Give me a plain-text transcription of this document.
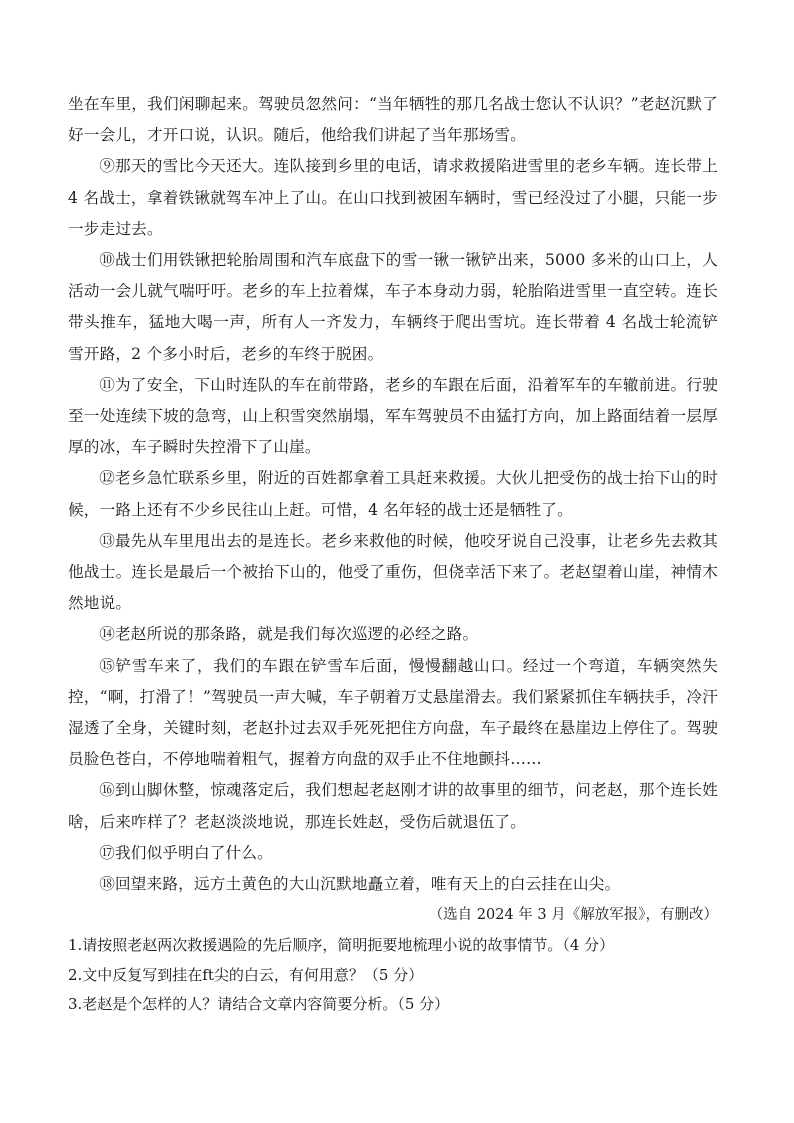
坐在车里，我们闲聊起来。驾驶员忽然问：“当年牺牲的那几名战士您认不认识？”老赵沉默了好一会儿，才开口说，认识。随后，他给我们讲起了当年那场雪。

⑨那天的雪比今天还大。连队接到乡里的电话，请求救援陷进雪里的老乡车辆。连长带上 4 名战士，拿着铁锹就驾车冲上了山。在山口找到被困车辆时，雪已经没过了小腿，只能一步一步走过去。

⑩战士们用铁锹把轮胎周围和汽车底盘下的雪一锹一锹铲出来，5000 多米的山口上，人活动一会儿就气喘吁吁。老乡的车上拉着煤，车子本身动力弱，轮胎陷进雪里一直空转。连长带头推车，猛地大喝一声，所有人一齐发力，车辆终于爬出雪坑。连长带着 4 名战士轮流铲雪开路，2 个多小时后，老乡的车终于脱困。

⑪为了安全，下山时连队的车在前带路，老乡的车跟在后面，沿着军车的车辙前进。行驶至一处连续下坡的急弯，山上积雪突然崩塌，军车驾驶员不由猛打方向，加上路面结着一层厚厚的冰，车子瞬时失控滑下了山崖。

⑫老乡急忙联系乡里，附近的百姓都拿着工具赶来救援。大伙儿把受伤的战士抬下山的时候，一路上还有不少乡民往山上赶。可惜，4 名年轻的战士还是牺牲了。

⑬最先从车里甩出去的是连长。老乡来救他的时候，他咬牙说自己没事，让老乡先去救其他战士。连长是最后一个被抬下山的，他受了重伤，但侥幸活下来了。老赵望着山崖，神情木然地说。

⑭老赵所说的那条路，就是我们每次巡逻的必经之路。

⑮铲雪车来了，我们的车跟在铲雪车后面，慢慢翻越山口。经过一个弯道，车辆突然失控，“啊，打滑了！”驾驶员一声大喊，车子朝着万丈悬崖滑去。我们紧紧抓住车辆扶手，冷汗湿透了全身，关键时刻，老赵扑过去双手死死把住方向盘，车子最终在悬崖边上停住了。驾驶员脸色苍白，不停地喘着粗气，握着方向盘的双手止不住地颤抖……

⑯到山脚休整，惊魂落定后，我们想起老赵刚才讲的故事里的细节，问老赵，那个连长姓啥，后来咋样了？老赵淡淡地说，那连长姓赵，受伤后就退伍了。

⑰我们似乎明白了什么。

⑱回望来路，远方土黄色的大山沉默地矗立着，唯有天上的白云挂在山尖。

（选自 2024 年 3 月《解放军报》，有删改）

1.请按照老赵两次救援遇险的先后顺序，简明扼要地梳理小说的故事情节。（4 分）

2.文中反复写到挂在ft尖的白云，有何用意？（5 分）

3.老赵是个怎样的人？请结合文章内容简要分析。（5 分）
